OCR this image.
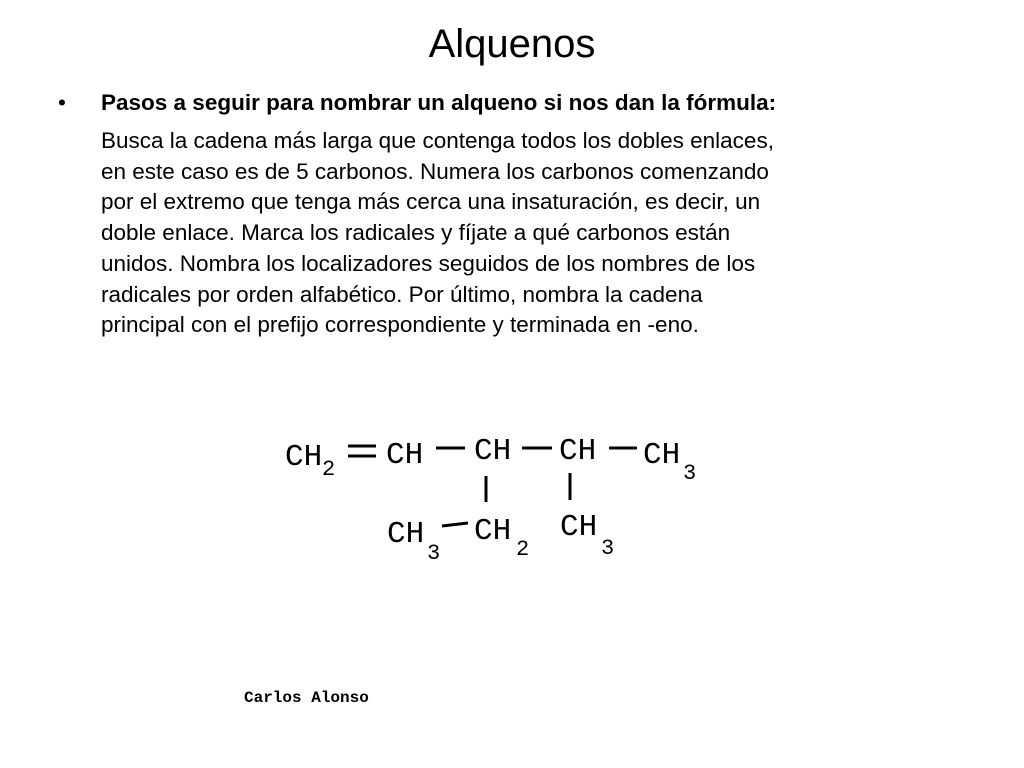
Alquenos
•	Pasos a seguir para nombrar un alqueno si nos dan la fórmula:

Busca la cadena más larga que contenga todos los dobles enlaces,
en este caso es de 5 carbonos. Numera los carbonos comenzando
por el extremo que tenga más cerca una insaturación, es decir, un
doble enlace. Marca los radicales y fíjate a qué carbonos están
unidos. Nombra los localizadores seguidos de los nombres de los
radicales por orden alfabético. Por último, nombra la cadena
principal con el prefijo correspondiente y terminada en -eno.

CH 2 CH CH CH CH
3
CH
3
CH
2
CH
3
Carlos Alonso
